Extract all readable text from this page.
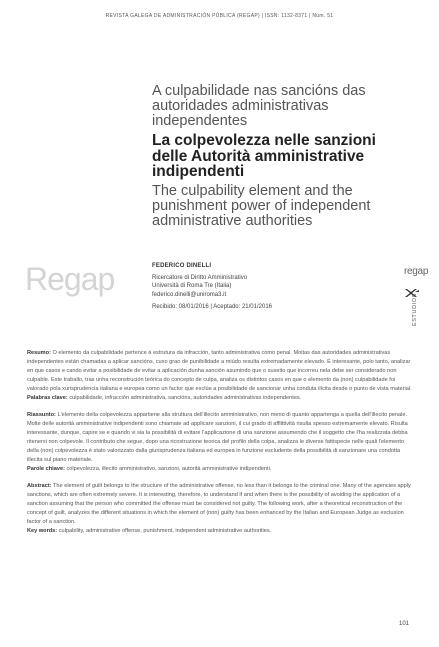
REVISTA GALEGA DE ADMINISTRACIÓN PÚBLICA (REGAP) | ISSN: 1132-8371 | Núm. 51
A culpabilidade nas sancións das autoridades administrativas independentes
La colpevolezza nelle sanzioni delle Autorità amministrative indipendenti
The culpability element and the punishment power of independent administrative authorities
Regap	FEDERICO DINELLI
Ricercatore di Diritto Amministrativo
Università di Roma Tre (Italia)
federico.dinelli@uniroma3.it
Recibido: 08/01/2016 | Aceptado: 21/01/2016
regap
ESTUDIOS

Resumo: O elemento da culpabilidade pertence á estrutura da infracción, tanto administrativa como penal. Moitas das autoridades administrativas independentes están chamadas a aplicar sancións, cuxo grao de punibilidade a miúdo resulta extremadamente elevado. É interesante, polo tanto, analizar en que casos e cando evitar a posibilidade de evitar a aplicación dunha sanción asumindo que o suxeito que incorreu nela debe ser considerado non culpable. Este traballo, tras unha reconstrución teórica do concepto de culpa, analiza os distintos casos en que o elemento da (non) culpabilidade foi valorado pola xurisprudencia italiana e europea como un factor que exclúe a posibilidade de sancionar unha conduta ilícita desde o punto de vista material.

Palabras clave: culpabilidade, infracción administrativa, sancións, autoridades administrativas independentes.

Riassunto: L'elemento della colpevolezza appartiene alla struttura dell'illecito amministrativo, non meno di quanto appartenga a quella dell'illecito penale. Molte delle autorità amministrative indipendenti sono chiamate ad applicare sanzioni, il cui grado di afflittività risulta spesso estremamente elevato. Risulta interessante, dunque, capire se e quando vi sia la possibilità di evitare l'applicazione di una sanzione assumendo che il soggetto che l'ha realizzata debba ritenersi non colpevole. Il contributo che segue, dopo una ricostruzione teorica del profilo della colpa, analizza le diverse fattispecie nelle quali l'elemento della (non) colpevolezza è stato valorizzato dalla giurisprudenza italiana ed europea in funzione escludente della possibilità di sanzionare una condotta illecita sul piano materiale.

Parole chiave: colpevolezza, illecito amministrativo, sanzioni, autorità amministrative indipendenti.

Abstract: The element of guilt belongs to the structure of the administrative offense, no less than it belongs to the criminal one. Many of the agencies apply sanctions, which are often extremely severe. It is interesting, therefore, to understand if and when there is the possibility of avoiding the application of a sanction assuming that the person who committed the offense must be considered not guilty. The following work, after a theoretical reconstruction of the concept of guilt, analyzes the different situations in which the element of (non) guilty has been enhanced by the Italian and European Judge as exclusion factor of a sanction.

Key words: culpability, administrative offense, punishment, independent administrative authorities.

101
